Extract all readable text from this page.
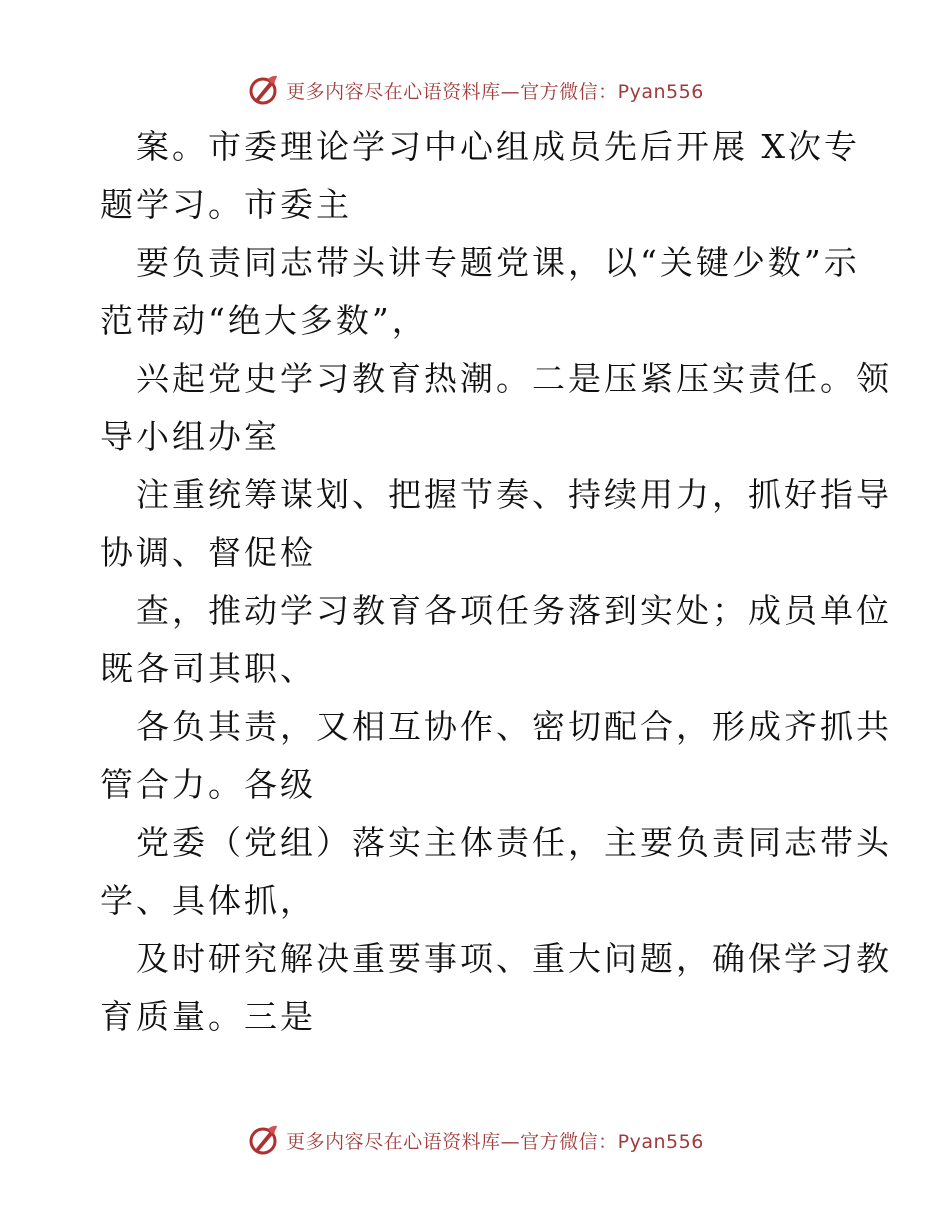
更多内容尽在心语资料库—官方微信：Pyan556
案。市委理论学习中心组成员先后开展 X次专
题学习。市委主
要负责同志带头讲专题党课，以“关键少数”示
范带动“绝大多数”，
兴起党史学习教育热潮。二是压紧压实责任。领
导小组办室
注重统筹谋划、把握节奏、持续用力，抓好指导
协调、督促检
查，推动学习教育各项任务落到实处；成员单位
既各司其职、
各负其责，又相互协作、密切配合，形成齐抓共
管合力。各级
党委（党组）落实主体责任，主要负责同志带头
学、具体抓，
及时研究解决重要事项、重大问题，确保学习教
育质量。三是
更多内容尽在心语资料库—官方微信：Pyan556
